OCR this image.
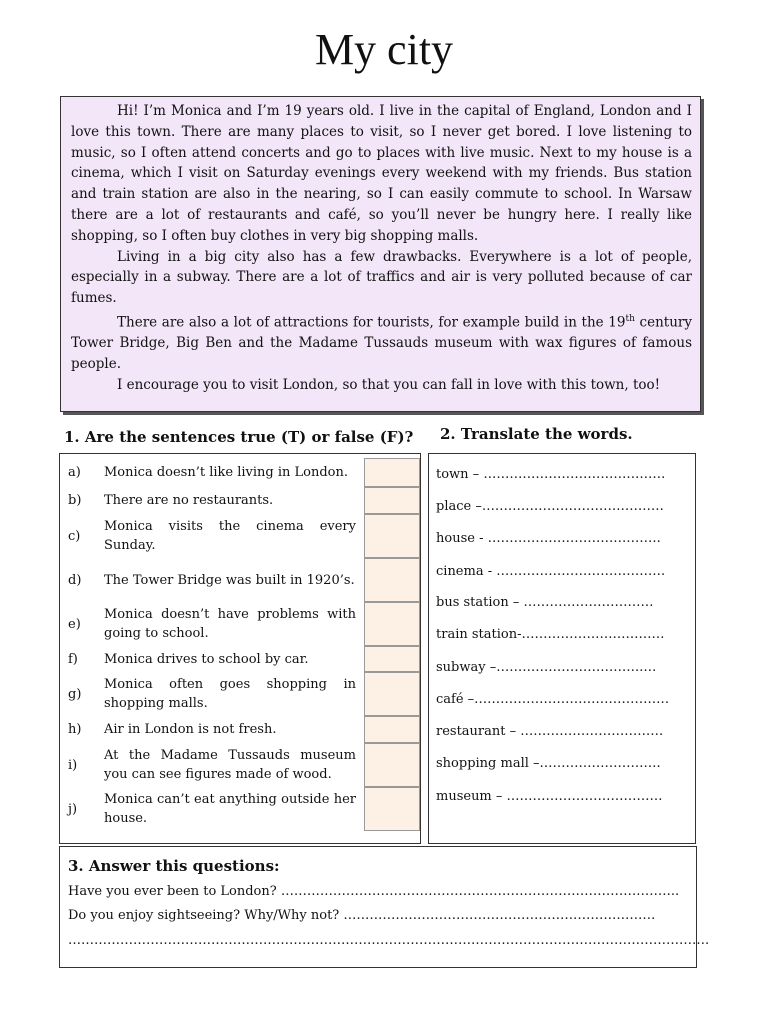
My city

Hi! I’m Monica and I’m 19 years old. I live in the capital of England, London and I love this town. There are many places to visit, so I never get bored. I love listening to music, so I often attend concerts and go to places with live music. Next to my house is a cinema, which I visit on Saturday evenings every weekend with my friends. Bus station and train station are also in the nearing, so I can easily commute to school. In Warsaw there are a lot of restaurants and café, so you’ll never be hungry here. I really like shopping, so I often buy clothes in very big shopping malls.

Living in a big city also has a few drawbacks. Everywhere is a lot of people, especially in a subway. There are a lot of traffics and air is very polluted because of car fumes.

There are also a lot of attractions for tourists, for example build in the 19th century Tower Bridge, Big Ben and the Madame Tussauds museum with wax figures of famous people.

I encourage you to visit London, so that you can fall in love with this town, too!

1. Are the sentences true (T) or false (F)? 2. Translate the words.
a)	Monica doesn’t like living in London.
b)	There are no restaurants.
c)
Monica visits the cinema every Sunday.
d)	The Tower Bridge was built in 1920’s.
e)
Monica doesn’t have problems with going to school.
f)	Monica drives to school by car.
g)
Monica often goes shopping in shopping malls.
h)	Air in London is not fresh.
i)
At the Madame Tussauds museum you can see figures made of wood.
j)
Monica can’t eat anything outside her house.
town – ……………………………………
place –……………………………………
house - ………………………………….
cinema - …………………………………
bus station – …………………………
train station-……………………………
subway –…………………………….…
café –………………………………………
restaurant – ……………………………
shopping mall –……………………….
museum – ………………………………
3. Answer this questions:
Have you ever been to London? ………………………………………………………………………………..
Do you enjoy sightseeing? Why/Why not? ………………………………………………………………
………………………………………………………………………………………………………………………………….
